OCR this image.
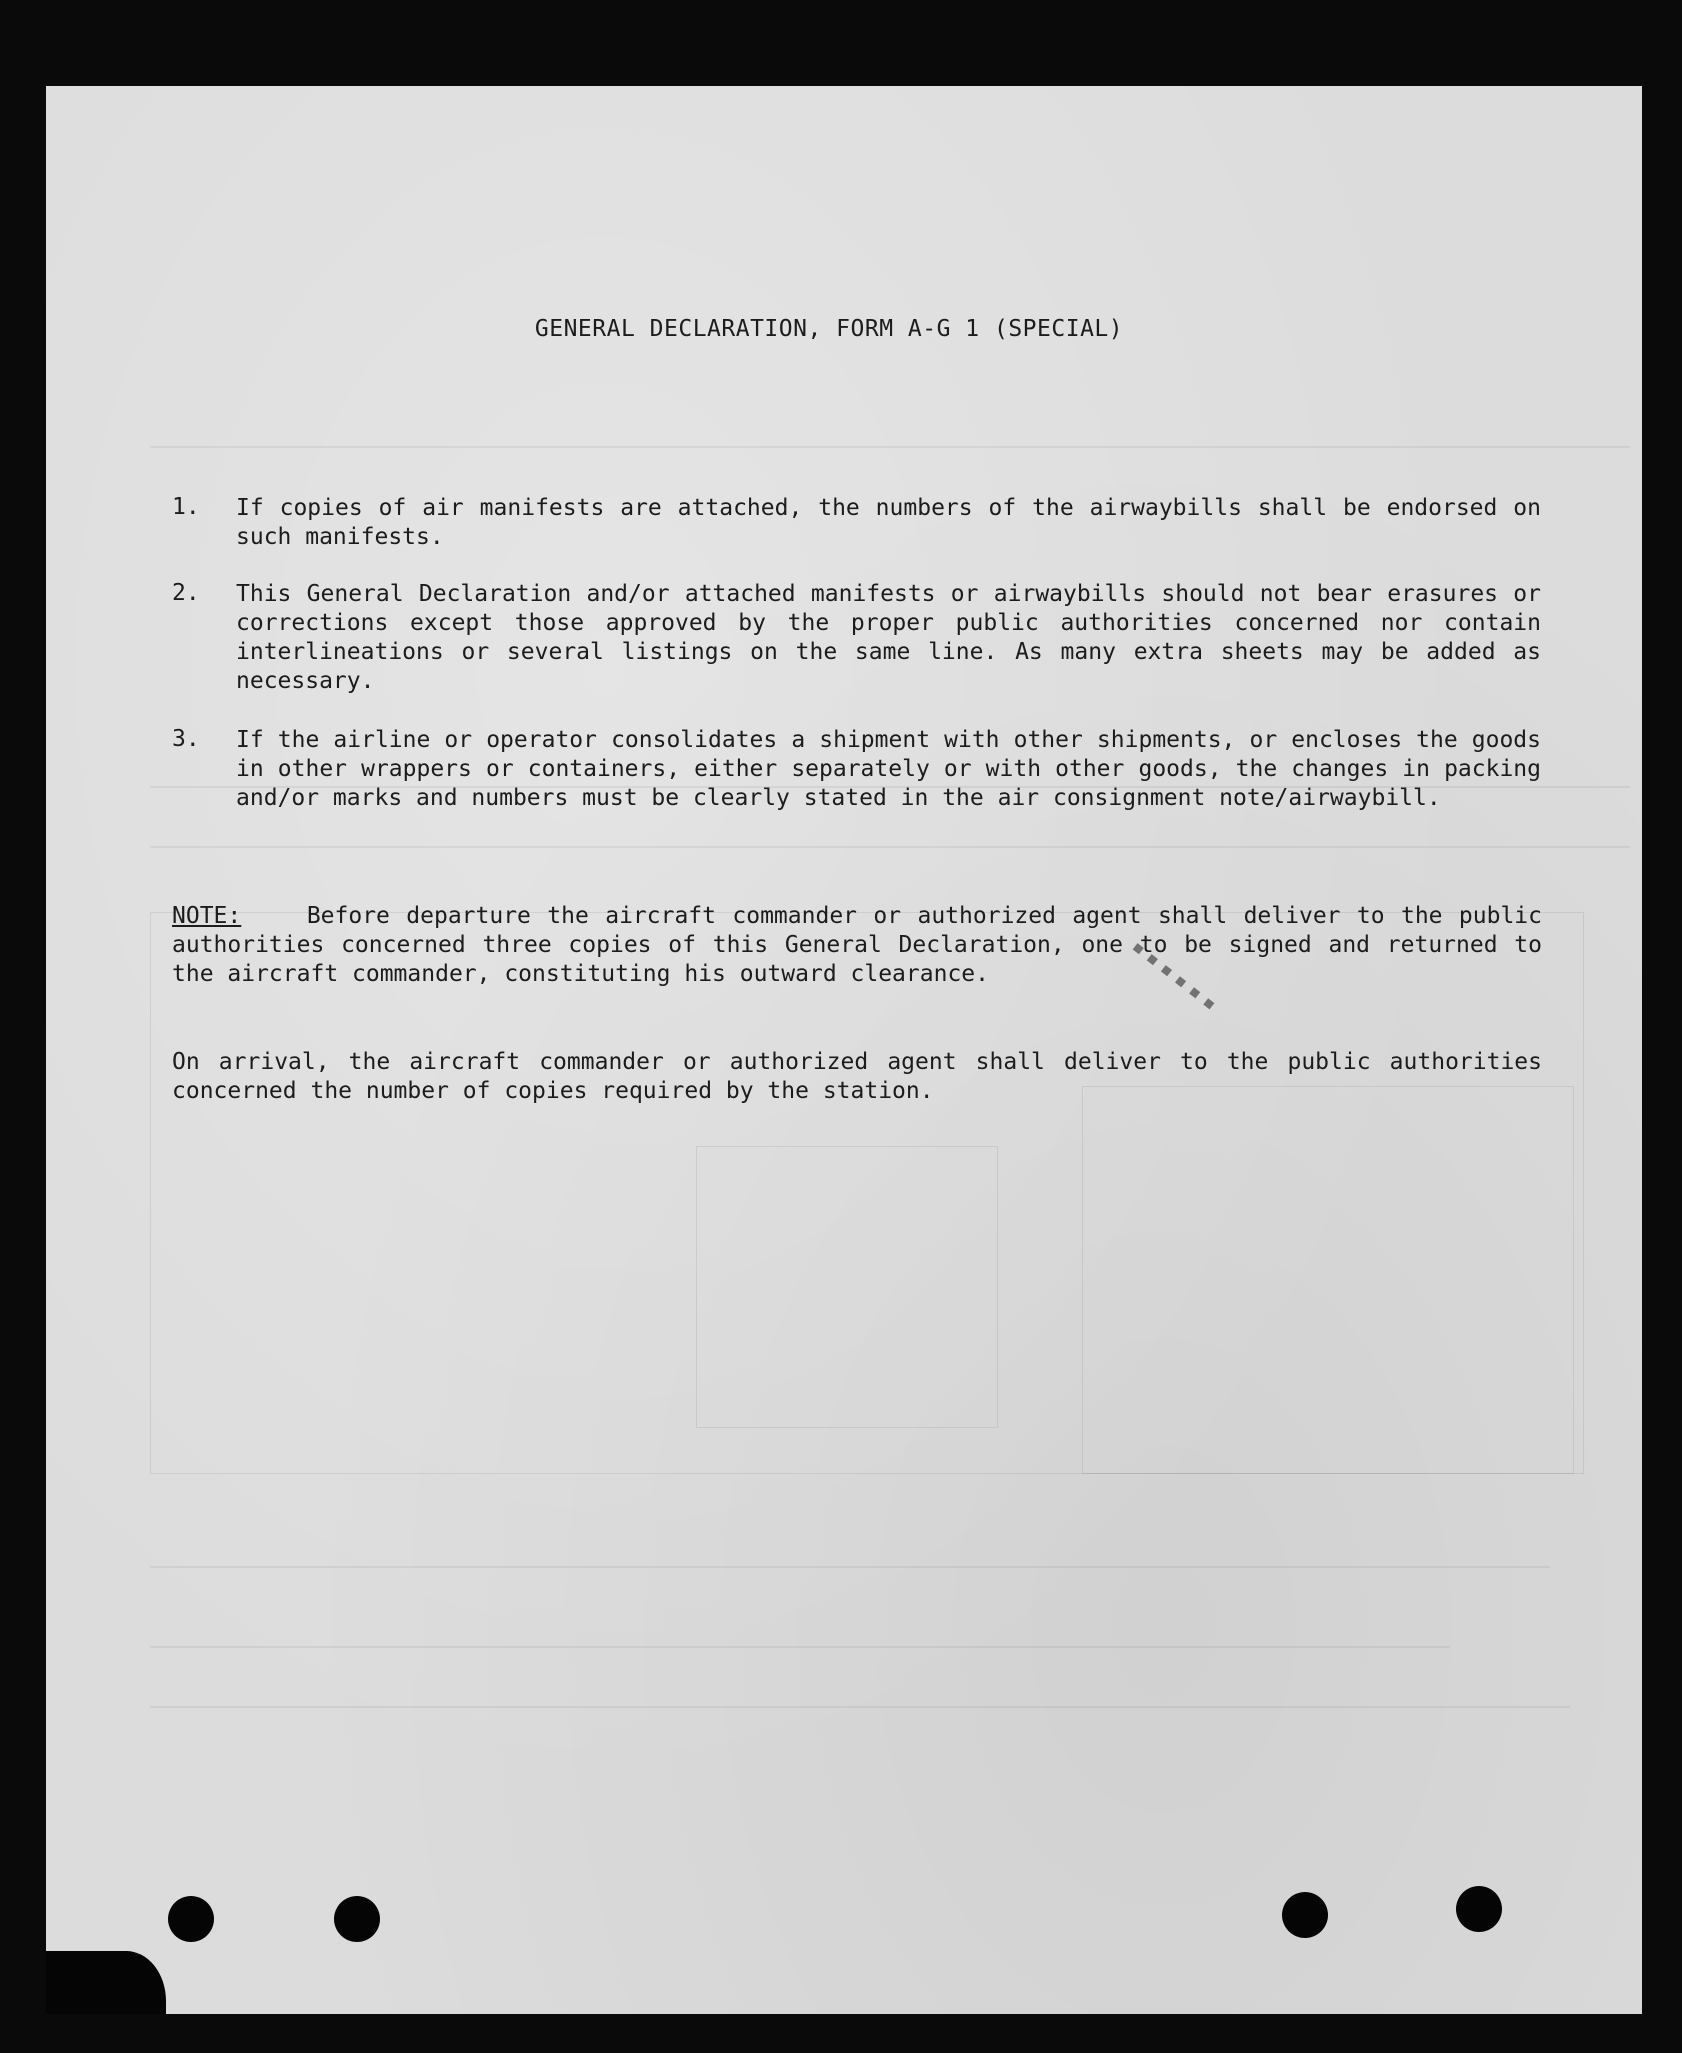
GENERAL DECLARATION, FORM A-G 1 (SPECIAL)
1.	If copies of air manifests are attached, the numbers of the airwaybills shall be endorsed on such manifests.

2.	This General Declaration and/or attached manifests or airwaybills should not bear erasures or corrections except those approved by the proper public authorities concerned nor contain interlineations or several listings on the same line. As many extra sheets may be added as necessary.

3.	If the airline or operator consolidates a shipment with other shipments, or encloses the goods in other wrappers or containers, either separately or with other goods, the changes in packing and/or marks and numbers must be clearly stated in the air consignment note/airwaybill.

NOTE:	Before departure the aircraft commander or authorized agent shall deliver to the public authorities concerned three copies of this General Declaration, one to be signed and returned to the aircraft commander, constituting his outward clearance.

On arrival, the aircraft commander or authorized agent shall deliver to the public authorities concerned the number of copies required by the station.

▪ ▪ ▪ ▪ ▪ ▪
